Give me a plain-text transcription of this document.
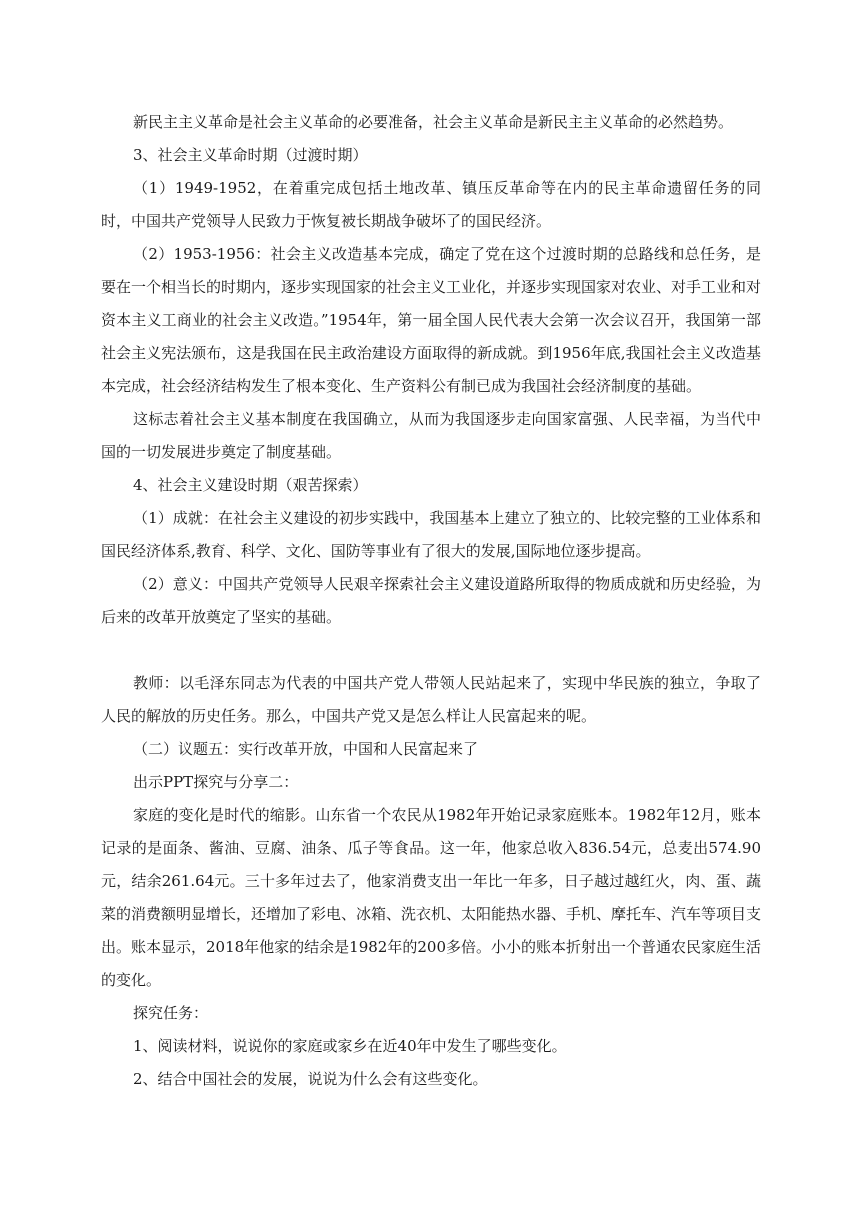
新民主主义革命是社会主义革命的必要准备，社会主义革命是新民主主义革命的必然趋势。

3、社会主义革命时期（过渡时期）

（1）1949-1952，在着重完成包括土地改革、镇压反革命等在内的民主革命遗留任务的同时，中国共产党领导人民致力于恢复被长期战争破坏了的国民经济。

（2）1953-1956：社会主义改造基本完成，确定了党在这个过渡时期的总路线和总任务，是要在一个相当长的时期内，逐步实现国家的社会主义工业化，并逐步实现国家对农业、对手工业和对资本主义工商业的社会主义改造。”1954年，第一届全国人民代表大会第一次会议召开，我国第一部社会主义宪法颁布，这是我国在民主政治建设方面取得的新成就。到1956年底,我国社会主义改造基本完成，社会经济结构发生了根本变化、生产资料公有制已成为我国社会经济制度的基础。

这标志着社会主义基本制度在我国确立，从而为我国逐步走向国家富强、人民幸福，为当代中国的一切发展进步奠定了制度基础。

4、社会主义建设时期（艰苦探索）

（1）成就：在社会主义建设的初步实践中，我国基本上建立了独立的、比较完整的工业体系和国民经济体系,教育、科学、文化、国防等事业有了很大的发展,国际地位逐步提高。

（2）意义：中国共产党领导人民艰辛探索社会主义建设道路所取得的物质成就和历史经验，为后来的改革开放奠定了坚实的基础。

教师：以毛泽东同志为代表的中国共产党人带领人民站起来了，实现中华民族的独立，争取了人民的解放的历史任务。那么，中国共产党又是怎么样让人民富起来的呢。

（二）议题五：实行改革开放，中国和人民富起来了

出示PPT探究与分享二：

家庭的变化是时代的缩影。山东省一个农民从1982年开始记录家庭账本。1982年12月，账本记录的是面条、酱油、豆腐、油条、瓜子等食品。这一年，他家总收入836.54元，总麦出574.90元，结余261.64元。三十多年过去了，他家消费支出一年比一年多，日子越过越红火，肉、蛋、蔬菜的消费额明显增长，还增加了彩电、冰箱、洗衣机、太阳能热水器、手机、摩托车、汽车等项目支出。账本显示，2018年他家的结余是1982年的200多倍。小小的账本折射出一个普通农民家庭生活的变化。

探究任务：

1、阅读材料，说说你的家庭或家乡在近40年中发生了哪些变化。

2、结合中国社会的发展，说说为什么会有这些变化。
